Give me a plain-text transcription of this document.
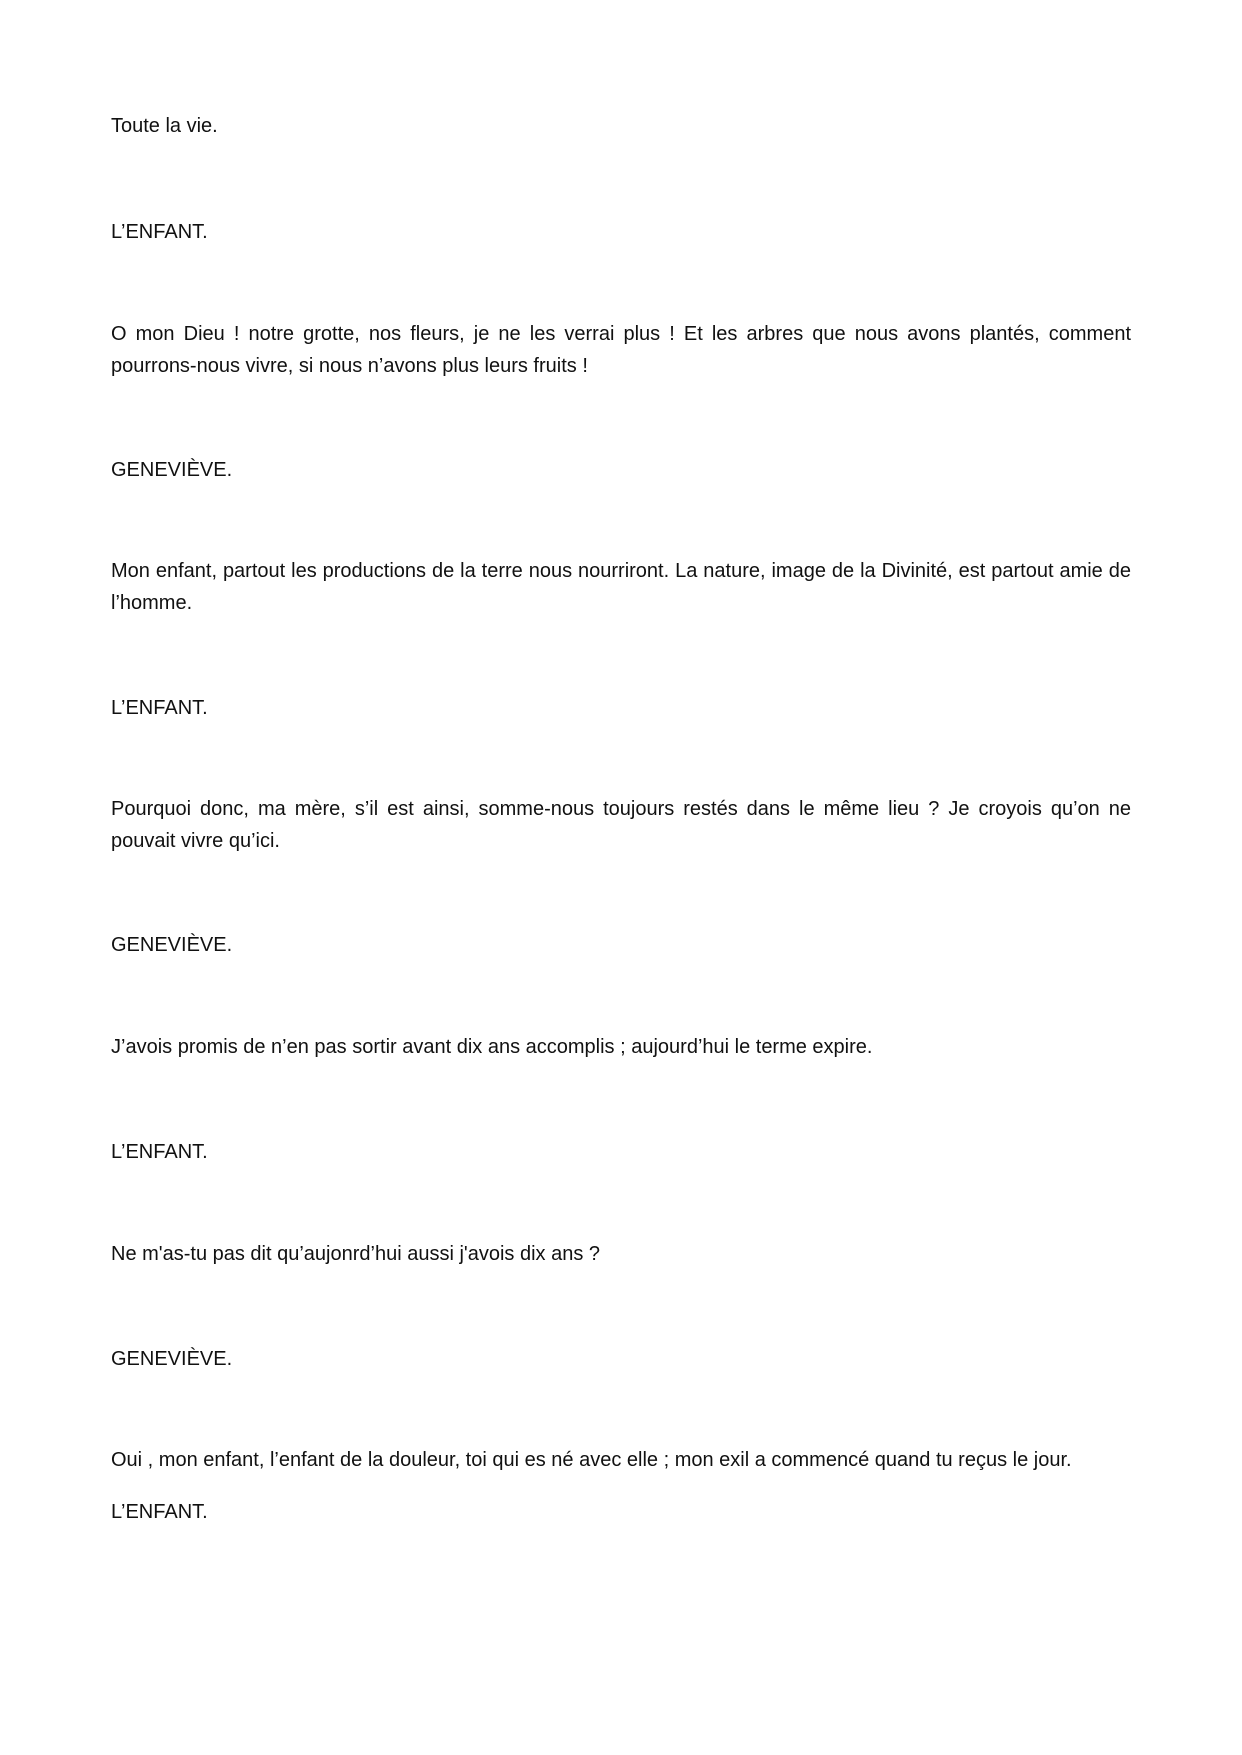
Toute la vie.

L’ENFANT.

O mon Dieu ! notre grotte, nos fleurs, je ne les verrai plus ! Et les arbres que nous avons plantés, comment pourrons-nous vivre, si nous n’avons plus leurs fruits !

GENEVIÈVE.

Mon enfant, partout les productions de la terre nous nourriront. La nature, image de la Divinité, est partout amie de l’homme.

L’ENFANT.

Pourquoi donc, ma mère, s’il est ainsi, somme-nous toujours restés dans le même lieu ? Je croyois qu’on ne pouvait vivre qu’ici.

GENEVIÈVE.

J’avois promis de n’en pas sortir avant dix ans accomplis ; aujourd’hui le terme expire.

L’ENFANT.

Ne m'as-tu pas dit qu’aujonrd’hui aussi j'avois dix ans ?

GENEVIÈVE.

Oui , mon enfant, l’enfant de la douleur, toi qui es né avec elle ; mon exil a commencé quand tu reçus le jour.

L’ENFANT.
